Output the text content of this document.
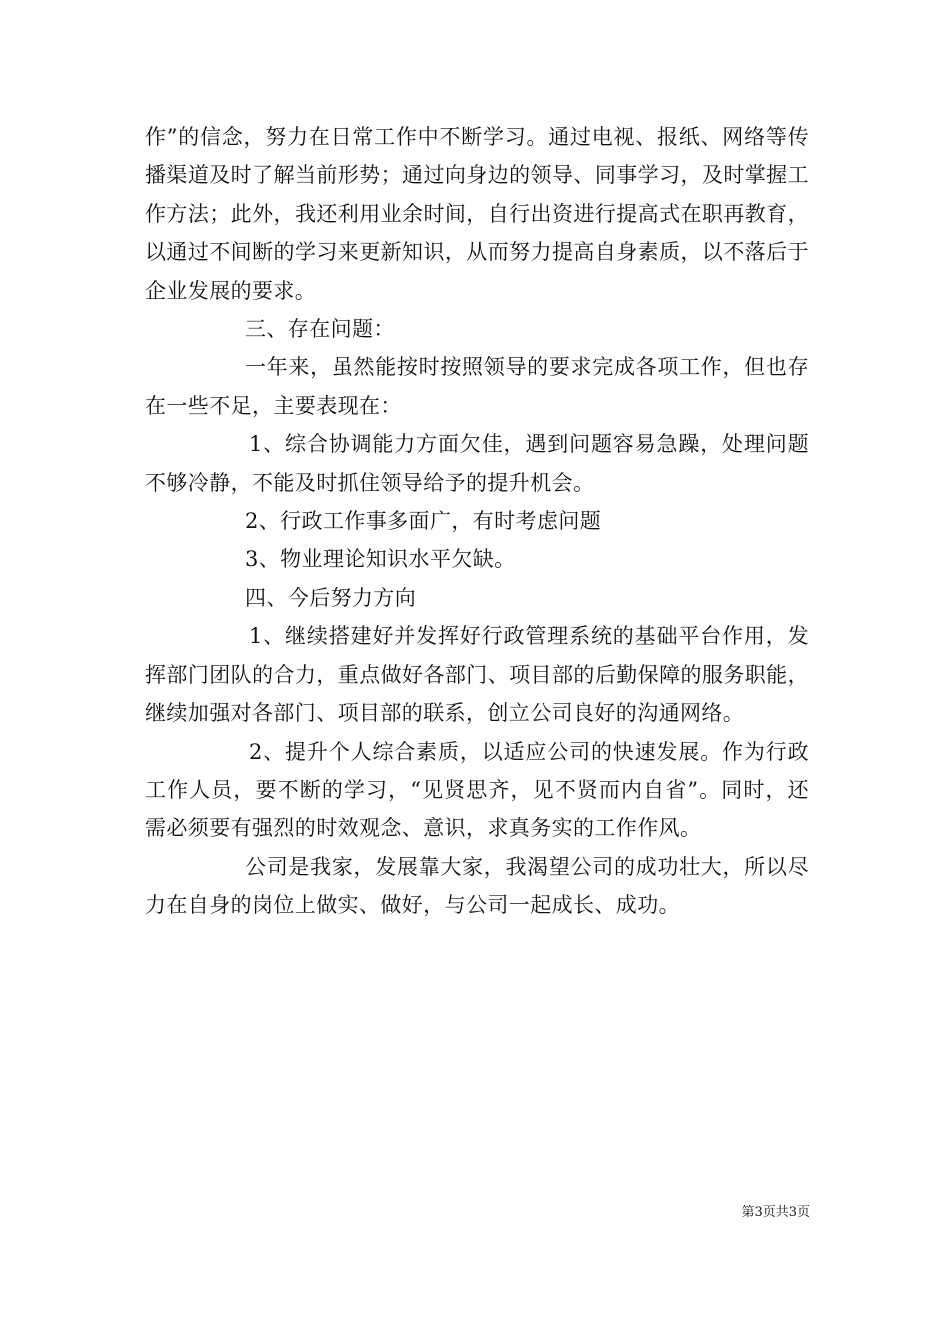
作”的信念，努力在日常工作中不断学习。通过电视、报纸、网络等传播渠道及时了解当前形势；通过向身边的领导、同事学习，及时掌握工作方法；此外，我还利用业余时间，自行出资进行提高式在职再教育，以通过不间断的学习来更新知识，从而努力提高自身素质，以不落后于企业发展的要求。

三、存在问题：

一年来，虽然能按时按照领导的要求完成各项工作，但也存在一些不足，主要表现在：

1、综合协调能力方面欠佳，遇到问题容易急躁，处理问题不够冷静，不能及时抓住领导给予的提升机会。

2、行政工作事多面广，有时考虑问题

3、物业理论知识水平欠缺。

四、今后努力方向

1、继续搭建好并发挥好行政管理系统的基础平台作用，发挥部门团队的合力，重点做好各部门、项目部的后勤保障的服务职能，继续加强对各部门、项目部的联系，创立公司良好的沟通网络。

2、提升个人综合素质，以适应公司的快速发展。作为行政工作人员，要不断的学习，“见贤思齐，见不贤而内自省”。同时，还需必须要有强烈的时效观念、意识，求真务实的工作作风。

公司是我家，发展靠大家，我渴望公司的成功壮大，所以尽力在自身的岗位上做实、做好，与公司一起成长、成功。

第3页共3页
